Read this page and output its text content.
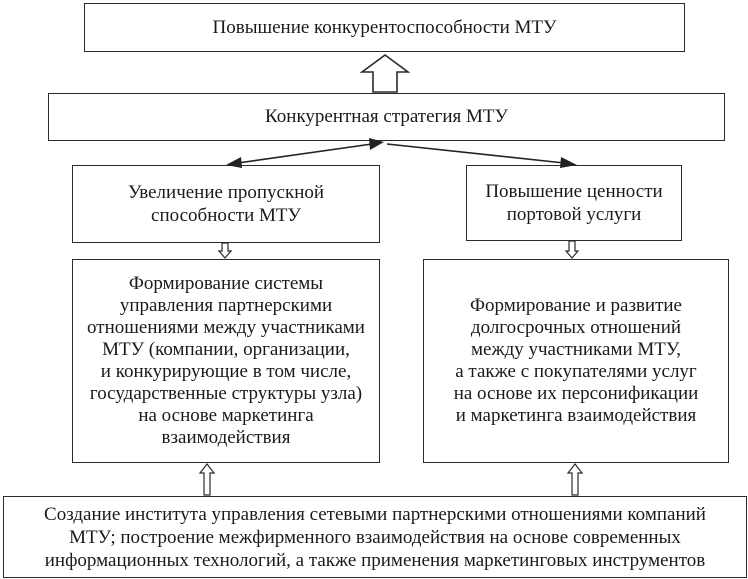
Повышение конкурентоспособности МТУ
Конкурентная стратегия МТУ
Увеличение пропускной
способности МТУ
Повышение ценности
портовой услуги
Формирование системы
управления партнерскими
отношениями между участниками
МТУ (компании, организации,
и конкурирующие в том числе,
государственные структуры узла)
на основе маркетинга
взаимодействия
Формирование и развитие
долгосрочных отношений
между участниками МТУ,
а также с покупателями услуг
на основе их персонификации
и маркетинга взаимодействия
Создание института управления сетевыми партнерскими отношениями компаний
МТУ; построение межфирменного взаимодействия на основе современных
информационных технологий, а также применения маркетинговых инструментов
